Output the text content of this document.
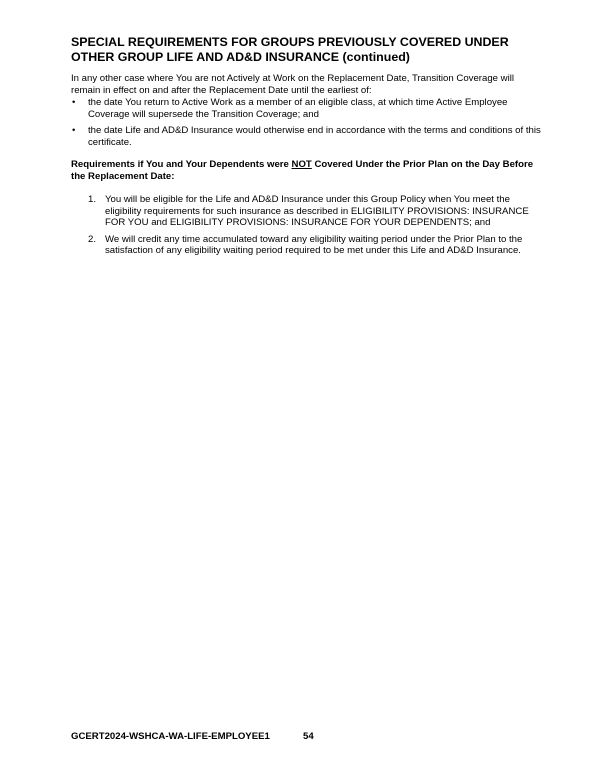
SPECIAL REQUIREMENTS FOR GROUPS PREVIOUSLY COVERED UNDER OTHER GROUP LIFE AND AD&D INSURANCE (continued)

In any other case where You are not Actively at Work on the Replacement Date, Transition Coverage will remain in effect on and after the Replacement Date until the earliest of:

• the date You return to Active Work as a member of an eligible class, at which time Active Employee Coverage will supersede the Transition Coverage; and
• the date Life and AD&D Insurance would otherwise end in accordance with the terms and conditions of this certificate.

Requirements if You and Your Dependents were NOT Covered Under the Prior Plan on the Day Before the Replacement Date:

1. You will be eligible for the Life and AD&D Insurance under this Group Policy when You meet the eligibility requirements for such insurance as described in ELIGIBILITY PROVISIONS: INSURANCE FOR YOU and ELIGIBILITY PROVISIONS: INSURANCE FOR YOUR DEPENDENTS; and
2. We will credit any time accumulated toward any eligibility waiting period under the Prior Plan to the satisfaction of any eligibility waiting period required to be met under this Life and AD&D Insurance.
GCERT2024-WSHCA-WA-LIFE-EMPLOYEE1	54
